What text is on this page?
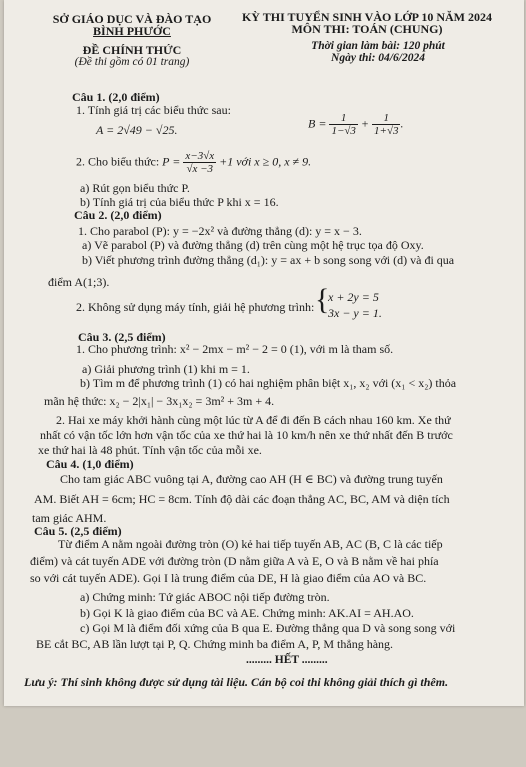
SỞ GIÁO DỤC VÀ ĐÀO TẠO
BÌNH PHƯỚC
ĐỀ CHÍNH THỨC
(Đề thi gồm có 01 trang)
KỲ THI TUYỂN SINH VÀO LỚP 10 NĂM 2024
MÔN THI: TOÁN (CHUNG)
Thời gian làm bài: 120 phút
Ngày thi: 04/6/2024
Câu 1. (2,0 điểm)
1. Tính giá trị các biểu thức sau:
A = 2√49 − √25.	$B = \frac{1}{1-√3} + \frac{1}{1+√3}$ .
2. Cho biểu thức: $P = \frac{x-3√x}{√x -3} +1$ với x ≥ 0, x ≠ 9.
a) Rút gọn biểu thức P.
b) Tính giá trị của biểu thức P khi x = 16.
Câu 2. (2,0 điểm)
1. Cho parabol (P): y = −2x² và đường thẳng (d): y = x − 3.
a) Vẽ parabol (P) và đường thẳng (d) trên cùng một hệ trục tọa độ Oxy.
b) Viết phương trình đường thẳng (d₁): y = ax + b song song với (d) và đi qua
điểm A(1;3).
2. Không sử dụng máy tính, giải hệ phương trình: {
x + 2y = 5
3x − y = 1.
Câu 3. (2,5 điểm)
1. Cho phương trình: x² − 2mx − m² − 2 = 0 (1), với m là tham số.
a) Giải phương trình (1) khi m = 1.
b) Tìm m để phương trình (1) có hai nghiệm phân biệt x₁, x₂ với (x₁ < x₂) thỏa
mãn hệ thức: x₂ − 2|x₁| − 3x₁x₂ = 3m² + 3m + 4.
2. Hai xe máy khởi hành cùng một lúc từ A để đi đến B cách nhau 160 km. Xe thứ
nhất có vận tốc lớn hơn vận tốc của xe thứ hai là 10 km/h nên xe thứ nhất đến B trước
xe thứ hai là 48 phút. Tính vận tốc của mỗi xe.
Câu 4. (1,0 điểm)
Cho tam giác ABC vuông tại A, đường cao AH (H ∈ BC) và đường trung tuyến
AM. Biết AH = 6cm; HC = 8cm. Tính độ dài các đoạn thẳng AC, BC, AM và diện tích
tam giác AHM.
Câu 5. (2,5 điểm)
Từ điểm A nằm ngoài đường tròn (O) kẻ hai tiếp tuyến AB, AC (B, C là các tiếp
điểm) và cát tuyến ADE với đường tròn (D nằm giữa A và E, O và B nằm về hai phía
so với cát tuyến ADE). Gọi I là trung điểm của DE, H là giao điểm của AO và BC.
a) Chứng minh: Tứ giác ABOC nội tiếp đường tròn.
b) Gọi K là giao điểm của BC và AE. Chứng minh: AK.AI = AH.AO.
c) Gọi M là điểm đối xứng của B qua E. Đường thẳng qua D và song song với
BE cắt BC, AB lần lượt tại P, Q. Chứng minh ba điểm A, P, M thẳng hàng.
......... HẾT .........
Lưu ý: Thí sinh không được sử dụng tài liệu. Cán bộ coi thi không giải thích gì thêm.
